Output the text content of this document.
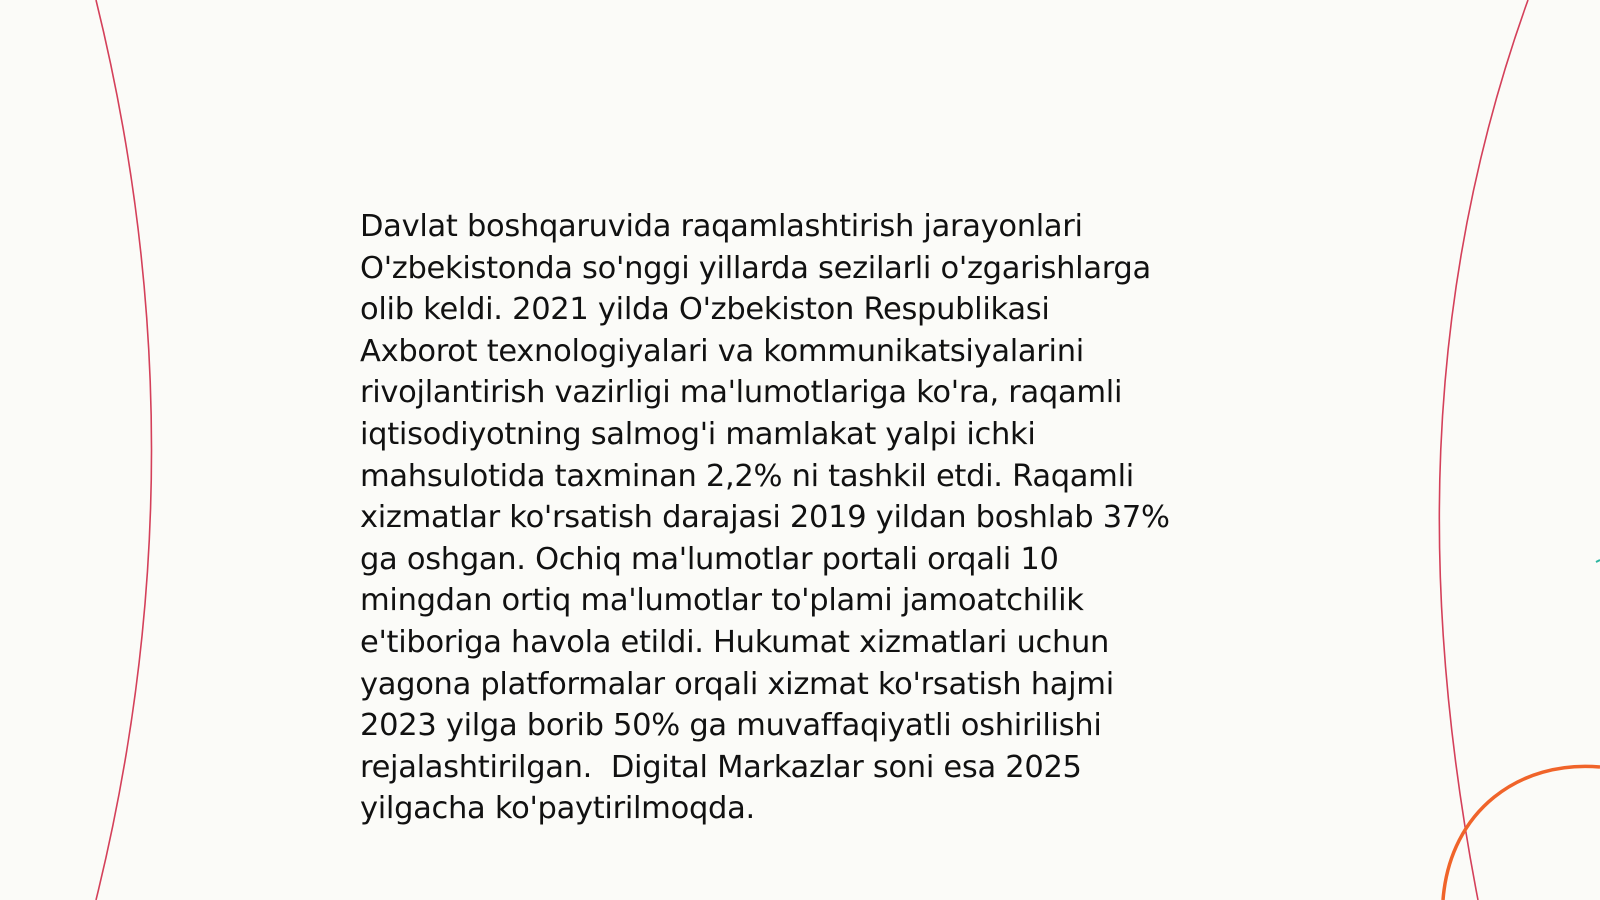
Davlat boshqaruvida raqamlashtirish jarayonlari
O'zbekistonda so'nggi yillarda sezilarli o'zgarishlarga
olib keldi. 2021 yilda O'zbekiston Respublikasi
Axborot texnologiyalari va kommunikatsiyalarini
rivojlantirish vazirligi ma'lumotlariga ko'ra, raqamli
iqtisodiyotning salmog'i mamlakat yalpi ichki
mahsulotida taxminan 2,2% ni tashkil etdi. Raqamli
xizmatlar ko'rsatish darajasi 2019 yildan boshlab 37%
ga oshgan. Ochiq ma'lumotlar portali orqali 10
mingdan ortiq ma'lumotlar to'plami jamoatchilik
e'tiboriga havola etildi. Hukumat xizmatlari uchun
yagona platformalar orqali xizmat ko'rsatish hajmi
2023 yilga borib 50% ga muvaffaqiyatli oshirilishi
rejalashtirilgan.  Digital Markazlar soni esa 2025
yilgacha ko'paytirilmoqda.
